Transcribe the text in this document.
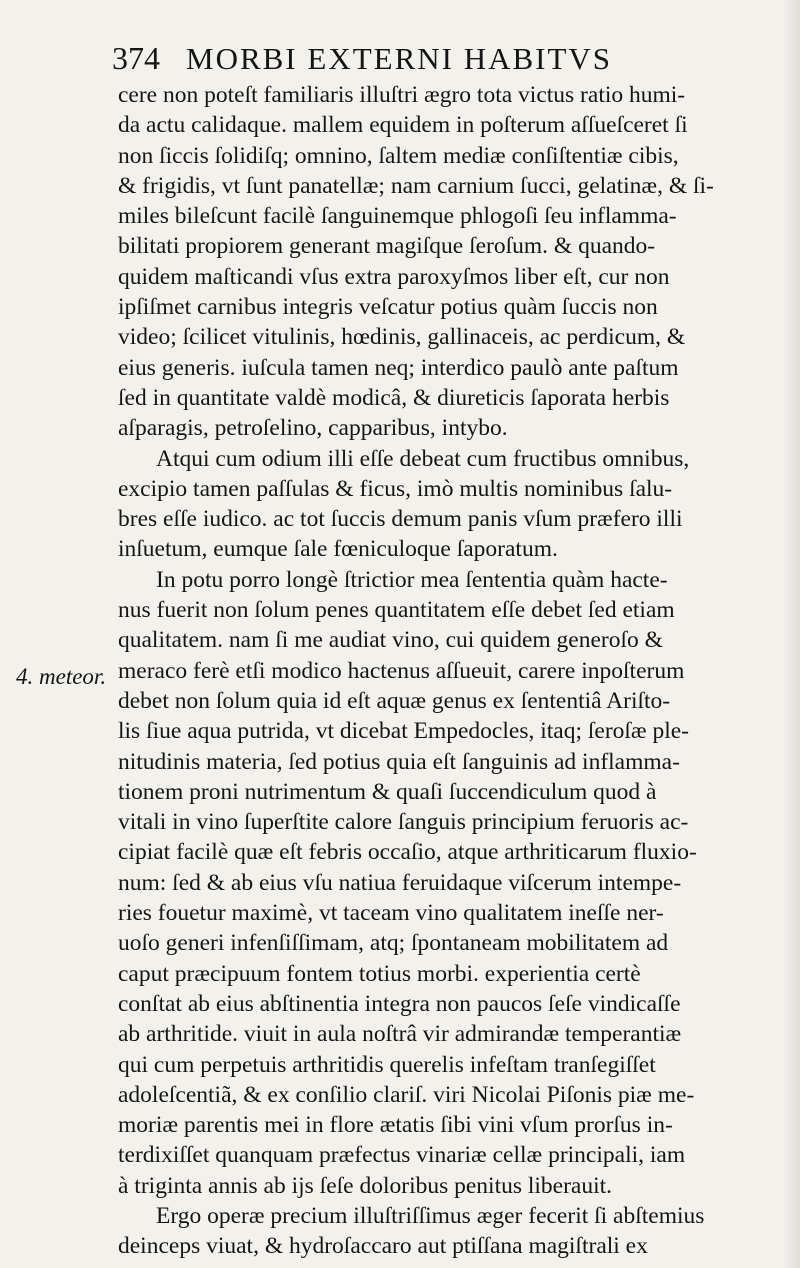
374 MORBI EXTERNI HABITVS
4. meteor.
cere non poteſt familiaris illuſtri ægro tota victus ratio humi-
da actu calidaque. mallem equidem in poſterum aſſueſceret ſi
non ſiccis ſolidiſq; omnino, ſaltem mediæ conſiſtentiæ cibis,
& frigidis, vt ſunt panatellæ; nam carnium ſucci, gelatinæ, & ſi-
miles bileſcunt facilè ſanguinemque phlogoſi ſeu inflamma-
bilitati propiorem generant magiſque ſeroſum. & quando-
quidem maſticandi vſus extra paroxyſmos liber eſt, cur non
ipſiſmet carnibus integris veſcatur potius quàm ſuccis non
video; ſcilicet vitulinis, hœdinis, gallinaceis, ac perdicum, &
eius generis. iuſcula tamen neq; interdico paulò ante paſtum
ſed in quantitate valdè modicâ, & diureticis ſaporata herbis
aſparagis, petroſelino, capparibus, intybo.
Atqui cum odium illi eſſe debeat cum fructibus omnibus,
excipio tamen paſſulas & ficus, imò multis nominibus ſalu-
bres eſſe iudico. ac tot ſuccis demum panis vſum præfero illi
inſuetum, eumque ſale fœniculoque ſaporatum.
In potu porro longè ſtrictior mea ſententia quàm hacte-
nus fuerit non ſolum penes quantitatem eſſe debet ſed etiam
qualitatem. nam ſi me audiat vino, cui quidem generoſo &
meraco ferè etſi modico hactenus aſſueuit, carere inpoſterum
debet non ſolum quia id eſt aquæ genus ex ſententiâ Ariſto-
lis ſiue aqua putrida, vt dicebat Empedocles, itaq; ſeroſæ ple-
nitudinis materia, ſed potius quia eſt ſanguinis ad inflamma-
tionem proni nutrimentum & quaſi ſuccendiculum quod à
vitali in vino ſuperſtite calore ſanguis principium feruoris ac-
cipiat facilè quæ eſt febris occaſio, atque arthriticarum fluxio-
num: ſed & ab eius vſu natiua feruidaque viſcerum intempe-
ries fouetur maximè, vt taceam vino qualitatem ineſſe ner-
uoſo generi infenſiſſimam, atq; ſpontaneam mobilitatem ad
caput præcipuum fontem totius morbi. experientia certè
conſtat ab eius abſtinentia integra non paucos ſeſe vindicaſſe
ab arthritide. viuit in aula noſtrâ vir admirandæ temperantiæ
qui cum perpetuis arthritidis querelis infeſtam tranſegiſſet
adoleſcentiã, & ex conſilio clariſ. viri Nicolai Piſonis piæ me-
moriæ parentis mei in flore ætatis ſibi vini vſum prorſus in-
terdixiſſet quanquam præfectus vinariæ cellæ principali, iam
à triginta annis ab ijs ſeſe doloribus penitus liberauit.
Ergo operæ precium illuſtriſſimus æger fecerit ſi abſtemius
deinceps viuat, & hydroſaccaro aut ptiſſana magiſtrali ex
